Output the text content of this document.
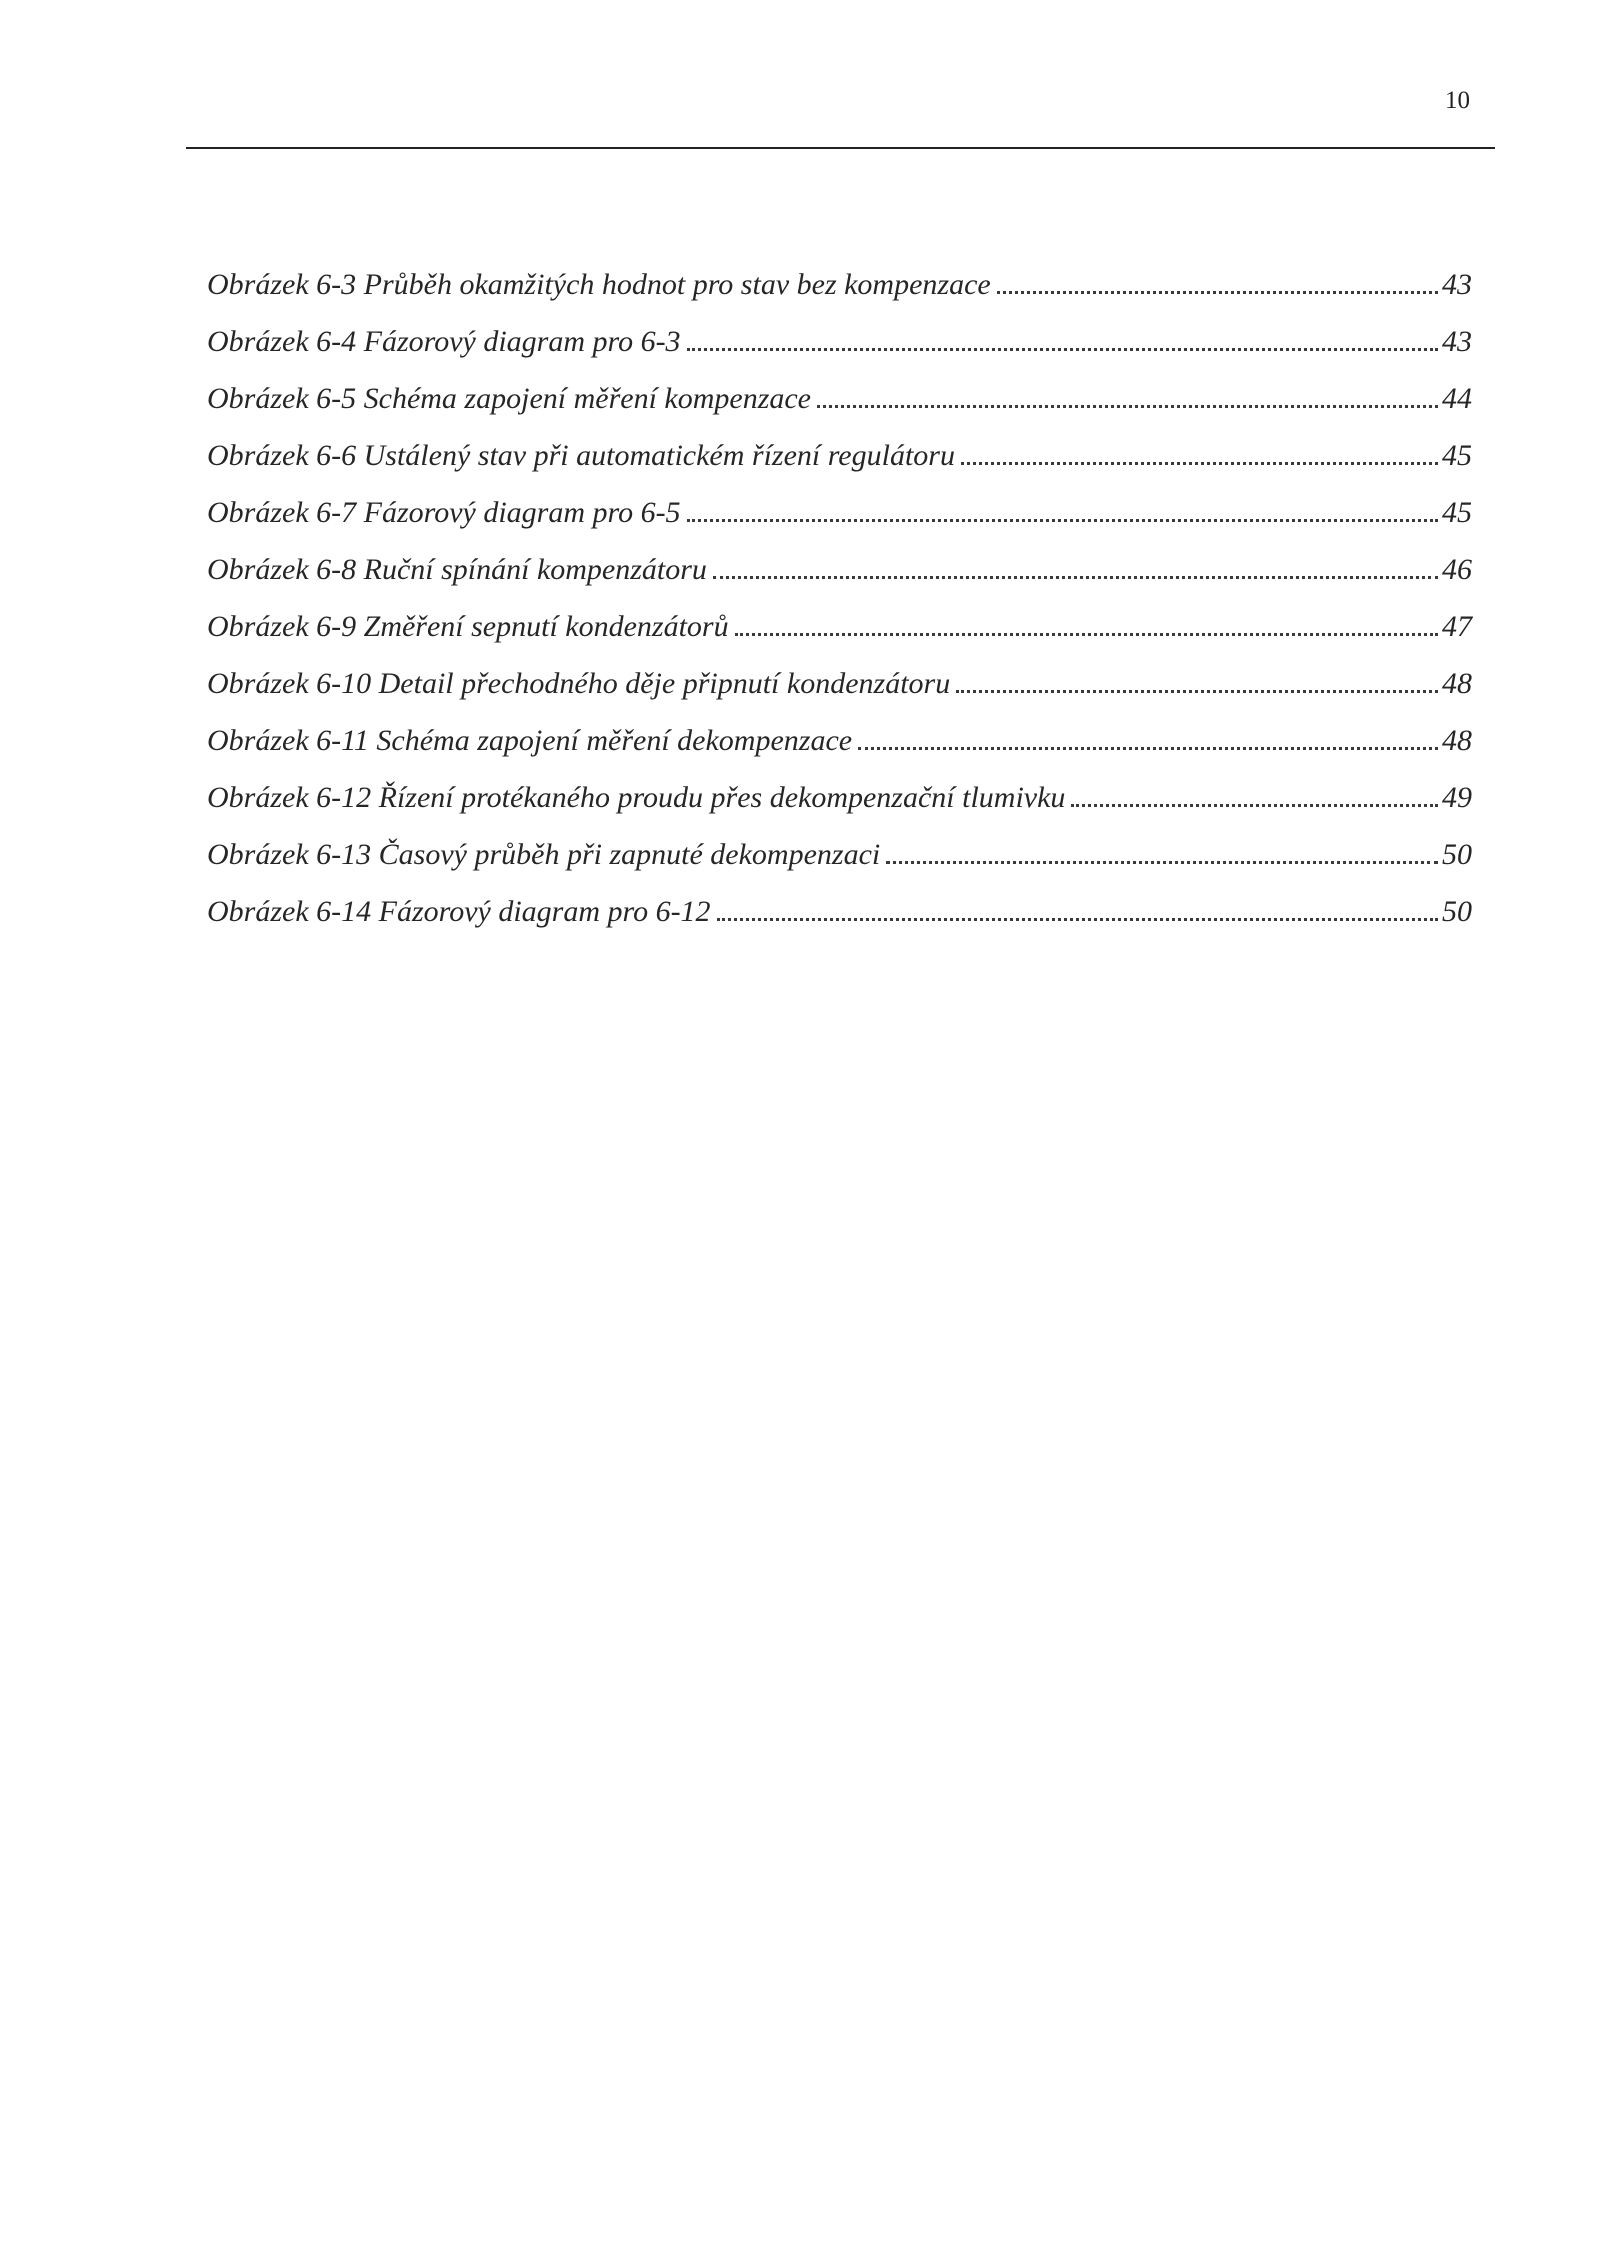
10
Obrázek 6-3 Průběh okamžitých hodnot pro stav bez kompenzace	43
Obrázek 6-4 Fázorový diagram pro 6-3	43
Obrázek 6-5 Schéma zapojení měření kompenzace	44
Obrázek 6-6 Ustálený stav při automatickém řízení regulátoru	45
Obrázek 6-7 Fázorový diagram pro 6-5	45
Obrázek 6-8 Ruční spínání kompenzátoru	46
Obrázek 6-9 Změření sepnutí kondenzátorů	47
Obrázek 6-10 Detail přechodného děje připnutí kondenzátoru	48
Obrázek 6-11 Schéma zapojení měření dekompenzace	48
Obrázek 6-12 Řízení protékaného proudu přes dekompenzační tlumivku	49
Obrázek 6-13 Časový průběh při zapnuté dekompenzaci	50
Obrázek 6-14 Fázorový diagram pro 6-12	50
